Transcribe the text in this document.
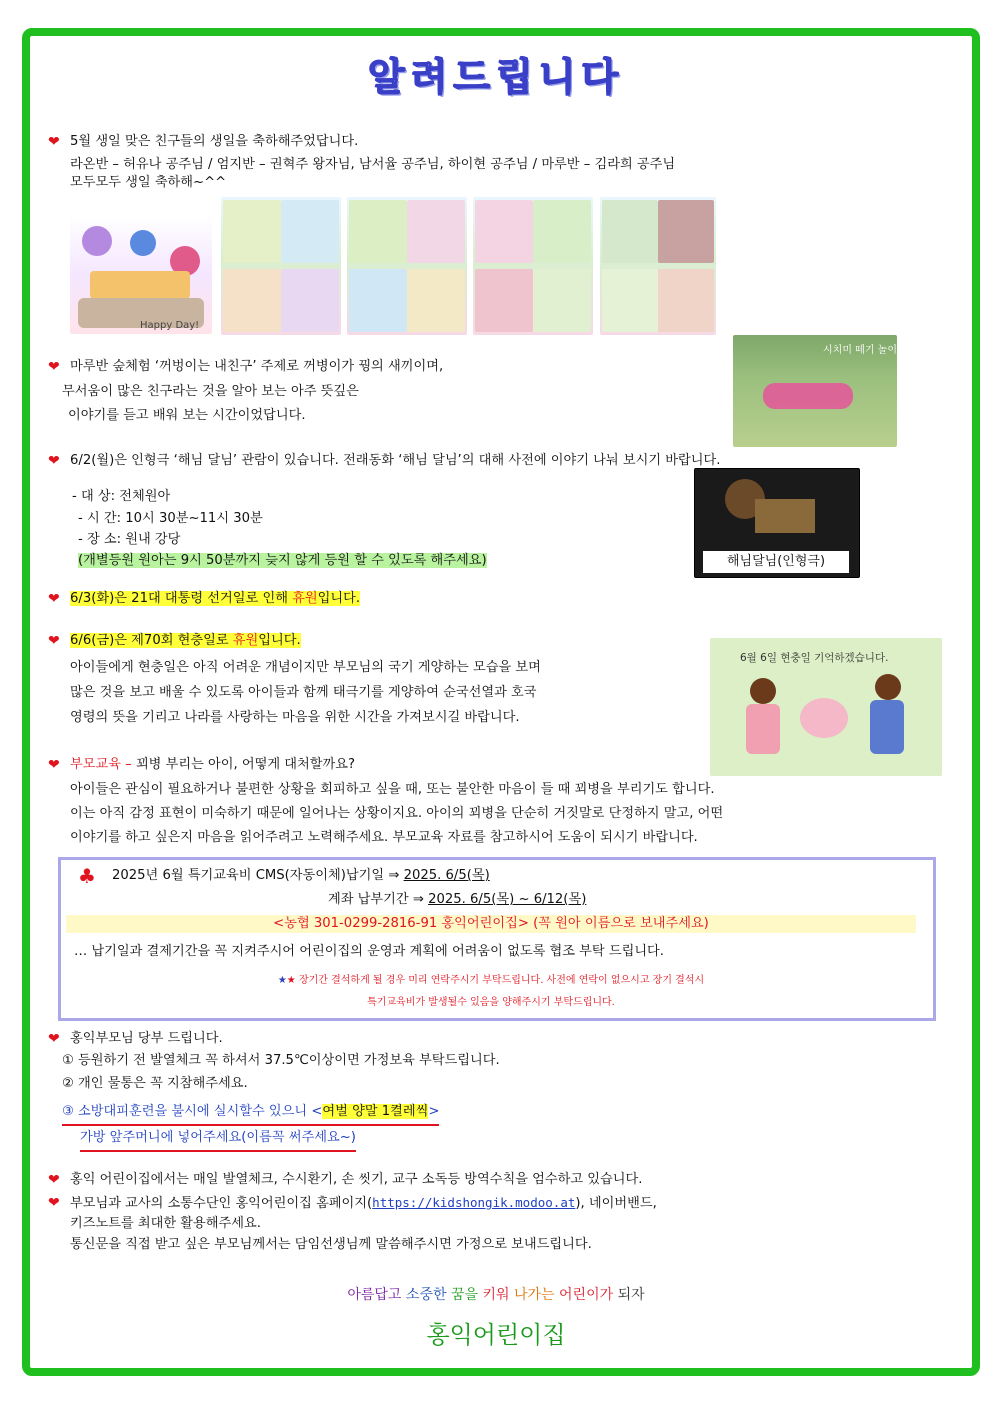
알려드립니다
❤ 5월 생일 맞은 친구들의 생일을 축하해주었답니다.
라온반 – 허유나 공주님 / 엄지반 – 권혁주 왕자님, 남서율 공주님, 하이현 공주님 / 마루반 – 김라희 공주님
모두모두 생일 축하해~^^
Happy Day!
❤ 마루반 숲체험 ‘꺼벙이는 내친구’ 주제로 꺼병이가 꿩의 새끼이며,
무서움이 많은 친구라는 것을 알아 보는 아주 뜻깊은
이야기를 듣고 배워 보는 시간이었답니다.
시치미 떼기 놀이
❤ 6/2(월)은 인형극 ‘해님 달님’ 관람이 있습니다. 전래동화 ‘해님 달님’의 대해 사전에 이야기 나눠 보시기 바랍니다.
- 대 상: 전체원아
- 시 간: 10시 30분~11시 30분
- 장 소: 원내 강당
(개별등원 원아는 9시 50분까지 늦지 않게 등원 할 수 있도록 해주세요)	해님달님(인형극)
❤ 6/3(화)은 21대 대통령 선거일로 인해 휴원입니다.
❤ 6/6(금)은 제70회 현충일로 휴원입니다.
아이들에게 현충일은 아직 어려운 개념이지만 부모님의 국기 게양하는 모습을 보며
많은 것을 보고 배울 수 있도록 아이들과 함께 태극기를 게양하여 순국선열과 호국
영령의 뜻을 기리고 나라를 사랑하는 마음을 위한 시간을 가져보시길 바랍니다.
6월 6일 현충일 기억하겠습니다.
❤ 부모교육 – 꾀병 부리는 아이, 어떻게 대처할까요?
아이들은 관심이 필요하거나 불편한 상황을 회피하고 싶을 때, 또는 불안한 마음이 들 때 꾀병을 부리기도 합니다.
이는 아직 감정 표현이 미숙하기 때문에 일어나는 상황이지요. 아이의 꾀병을 단순히 거짓말로 단정하지 말고, 어떤
이야기를 하고 싶은지 마음을 읽어주려고 노력해주세요. 부모교육 자료를 참고하시어 도움이 되시기 바랍니다.
♣ 2025년 6월 특기교육비 CMS(자동이체)납기일 ⇒ 2025. 6/5(목)
계좌 납부기간 ⇒ 2025. 6/5(목) ~ 6/12(목)
<농협 301-0299-2816-91 홍익어린이집> (꼭 원아 이름으로 보내주세요)
… 납기일과 결제기간을 꼭 지켜주시어 어린이집의 운영과 계획에 어려움이 없도록 협조 부탁 드립니다.
★★ 장기간 결석하게 될 경우 미리 연락주시기 부탁드립니다. 사전에 연락이 없으시고 장기 결석시
특기교육비가 발생될수 있음을 양해주시기 부탁드립니다.
❤ 홍익부모님 당부 드립니다.
① 등원하기 전 발열체크 꼭 하셔서 37.5℃이상이면 가정보육 부탁드립니다.
② 개인 물통은 꼭 지참해주세요.
③ 소방대피훈련을 불시에 실시할수 있으니 <여벌 양말 1켤레씩>
가방 앞주머니에 넣어주세요(이름꼭 써주세요~)
❤ 홍익 어린이집에서는 매일 발열체크, 수시환기, 손 씻기, 교구 소독등 방역수칙을 엄수하고 있습니다.
❤ 부모님과 교사의 소통수단인 홍익어린이집 홈페이지(https://kidshongik.modoo.at), 네이버밴드,
키즈노트를 최대한 활용해주세요.
통신문을 직접 받고 싶은 부모님께서는 담임선생님께 말씀해주시면 가정으로 보내드립니다.
아름답고 소중한 꿈을 키워 나가는 어린이가 되자
홍익어린이집
